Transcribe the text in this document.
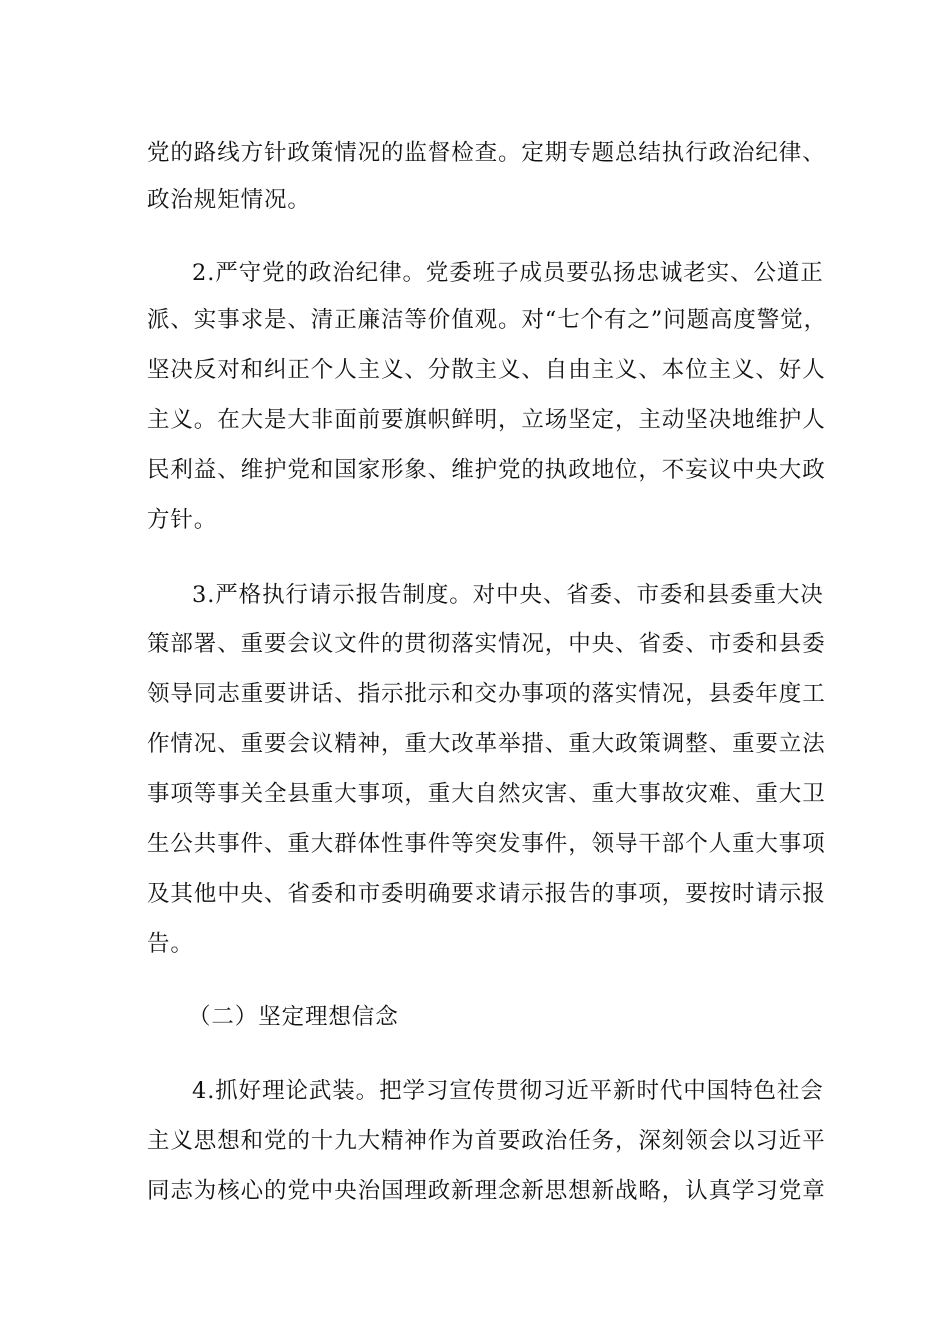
党的路线方针政策情况的监督检查。定期专题总结执行政治纪律、
政治规矩情况。
2.严守党的政治纪律。党委班子成员要弘扬忠诚老实、公道正
派、实事求是、清正廉洁等价值观。对“七个有之”问题高度警觉，
坚决反对和纠正个人主义、分散主义、自由主义、本位主义、好人
主义。在大是大非面前要旗帜鲜明，立场坚定，主动坚决地维护人
民利益、维护党和国家形象、维护党的执政地位，不妄议中央大政
方针。
3.严格执行请示报告制度。对中央、省委、市委和县委重大决
策部署、重要会议文件的贯彻落实情况，中央、省委、市委和县委
领导同志重要讲话、指示批示和交办事项的落实情况，县委年度工
作情况、重要会议精神，重大改革举措、重大政策调整、重要立法
事项等事关全县重大事项，重大自然灾害、重大事故灾难、重大卫
生公共事件、重大群体性事件等突发事件，领导干部个人重大事项
及其他中央、省委和市委明确要求请示报告的事项，要按时请示报
告。
（二）坚定理想信念
4.抓好理论武装。把学习宣传贯彻习近平新时代中国特色社会
主义思想和党的十九大精神作为首要政治任务，深刻领会以习近平
同志为核心的党中央治国理政新理念新思想新战略，认真学习党章
